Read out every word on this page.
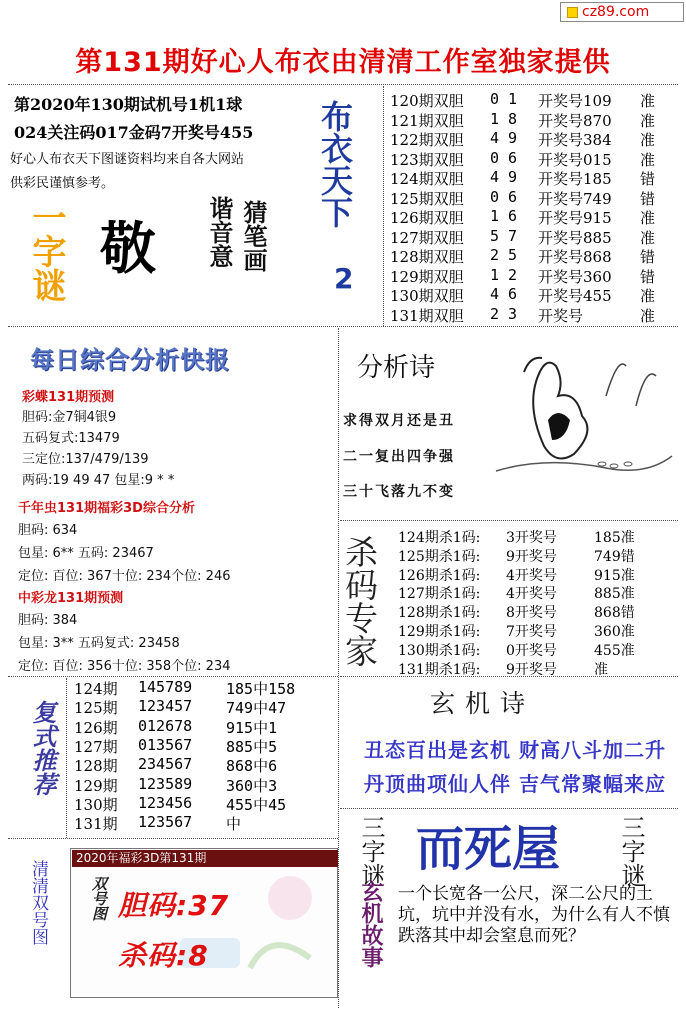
cz89.com
第131期好心人布衣由清清工作室独家提供
第2020年130期试机号1机1球
024关注码017金码7开奖号455
好心人布衣天下图谜资料均来自各大网站
供彩民谨慎参考。
一字谜 敬	猜笔画
谐音意
布衣天下
2
120期双胆 0 1 开奖号109 准
121期双胆 1 8 开奖号870 准
122期双胆 4 9 开奖号384 准
123期双胆 0 6 开奖号015 准
124期双胆 4 9 开奖号185 错
125期双胆 0 6 开奖号749 错
126期双胆 1 6 开奖号915 准
127期双胆 5 7 开奖号885 准
128期双胆 2 5 开奖号868 错
129期双胆 1 2 开奖号360 错
130期双胆 4 6 开奖号455 准
131期双胆 2 3 开奖号	准
每日综合分析快报
彩蝶131期预测
胆码:金7铜4银9
五码复式:13479
三定位:137/479/139
两码:19 49 47 包星:9 * *
千年虫131期福彩3D综合分析
胆码: 634
包星: 6** 五码: 23467
定位: 百位: 367十位: 234个位: 246
中彩龙131期预测
胆码: 384
包星: 3** 五码复式: 23458
定位: 百位: 356十位: 358个位: 234
分析诗
求得双月还是丑
二一复出四争强
三十飞落九不变
杀码专家 124期杀1码: 3开奖号	185准
125期杀1码: 9开奖号	749错
126期杀1码: 4开奖号	915准
127期杀1码: 4开奖号	885准
128期杀1码: 8开奖号	868错
129期杀1码: 7开奖号	360准
130期杀1码: 0开奖号	455准
131期杀1码: 9开奖号	准
玄机诗
丑态百出是玄机 财高八斗加二升
丹顶曲项仙人伴 吉气常聚幅来应
复式推荐
124期 145789 185中158
125期 123457 749中47
126期 012678 915中1
127期 013567 885中5
128期 234567 868中6
129期 123589 360中3
130期 123456 455中45
131期 123567 中
清清双号图
2020年福彩3D第131期
双号图 胆码:37
杀码:8
三字谜 而死屋 三字谜
玄机故事 一个长宽各一公尺，深二公尺的土坑，坑中并没有水，为什么有人不慎跌落其中却会窒息而死？
